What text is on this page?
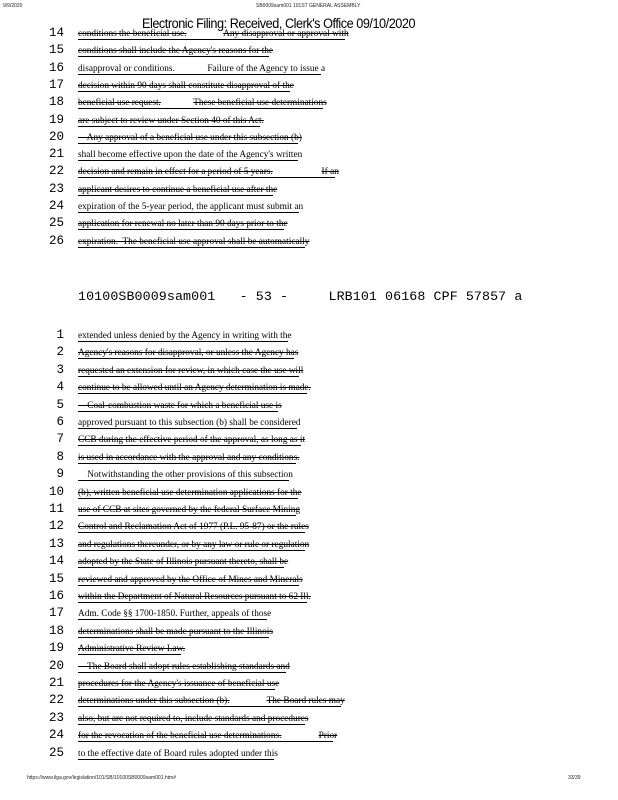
9/9/2020	SB0009sam001 101ST GENERAL ASSEMBLY
Electronic Filing: Received, Clerk's Office 09/10/2020
14 conditions the beneficial use.	Any disapproval or approval with
15 conditions shall include the Agency's reasons for the
16 disapproval or conditions.	Failure of the Agency to issue a
17 decision within 90 days shall constitute disapproval of the
18 beneficial use request.	These beneficial use determinations
19 are subject to review under Section 40 of this Act.
20 Any approval of a beneficial use under this subsection (b)
21 shall become effective upon the date of the Agency's written
22 decision and remain in effect for a period of 5 years.	If an
23 applicant desires to continue a beneficial use after the
24 expiration of the 5-year period, the applicant must submit an
25 application for renewal no later than 90 days prior to the
26 expiration.  The beneficial use approval shall be automatically
10100SB0009sam001 - 53 -	LRB101 06168 CPF 57857 a
1 extended unless denied by the Agency in writing with the
2 Agency's reasons for disapproval, or unless the Agency has
3 requested an extension for review, in which case the use will
4 continue to be allowed until an Agency determination is made.
5 Coal-combustion waste for which a beneficial use is
6 approved pursuant to this subsection (b) shall be considered
7 CCB during the effective period of the approval, as long as it
8 is used in accordance with the approval and any conditions.
9 Notwithstanding the other provisions of this subsection
10 (b), written beneficial use determination applications for the
11 use of CCB at sites governed by the federal Surface Mining
12 Control and Reclamation Act of 1977 (P.L. 95-87) or the rules
13 and regulations thereunder, or by any law or rule or regulation
14 adopted by the State of Illinois pursuant thereto, shall be
15 reviewed and approved by the Office of Mines and Minerals
16 within the Department of Natural Resources pursuant to 62 Ill.
17 Adm. Code §§ 1700-1850. Further, appeals of those
18 determinations shall be made pursuant to the Illinois
19 Administrative Review Law.
20 The Board shall adopt rules establishing standards and
21 procedures for the Agency's issuance of beneficial use
22 determinations under this subsection (b).	The Board rules may
23 also, but are not required to, include standards and procedures
24 for the revocation of the beneficial use determinations.	Prior
25 to the effective date of Board rules adopted under this
https://www.ilga.gov/legislation/101/SB/10100SB0009sam001.htm#	33/39
